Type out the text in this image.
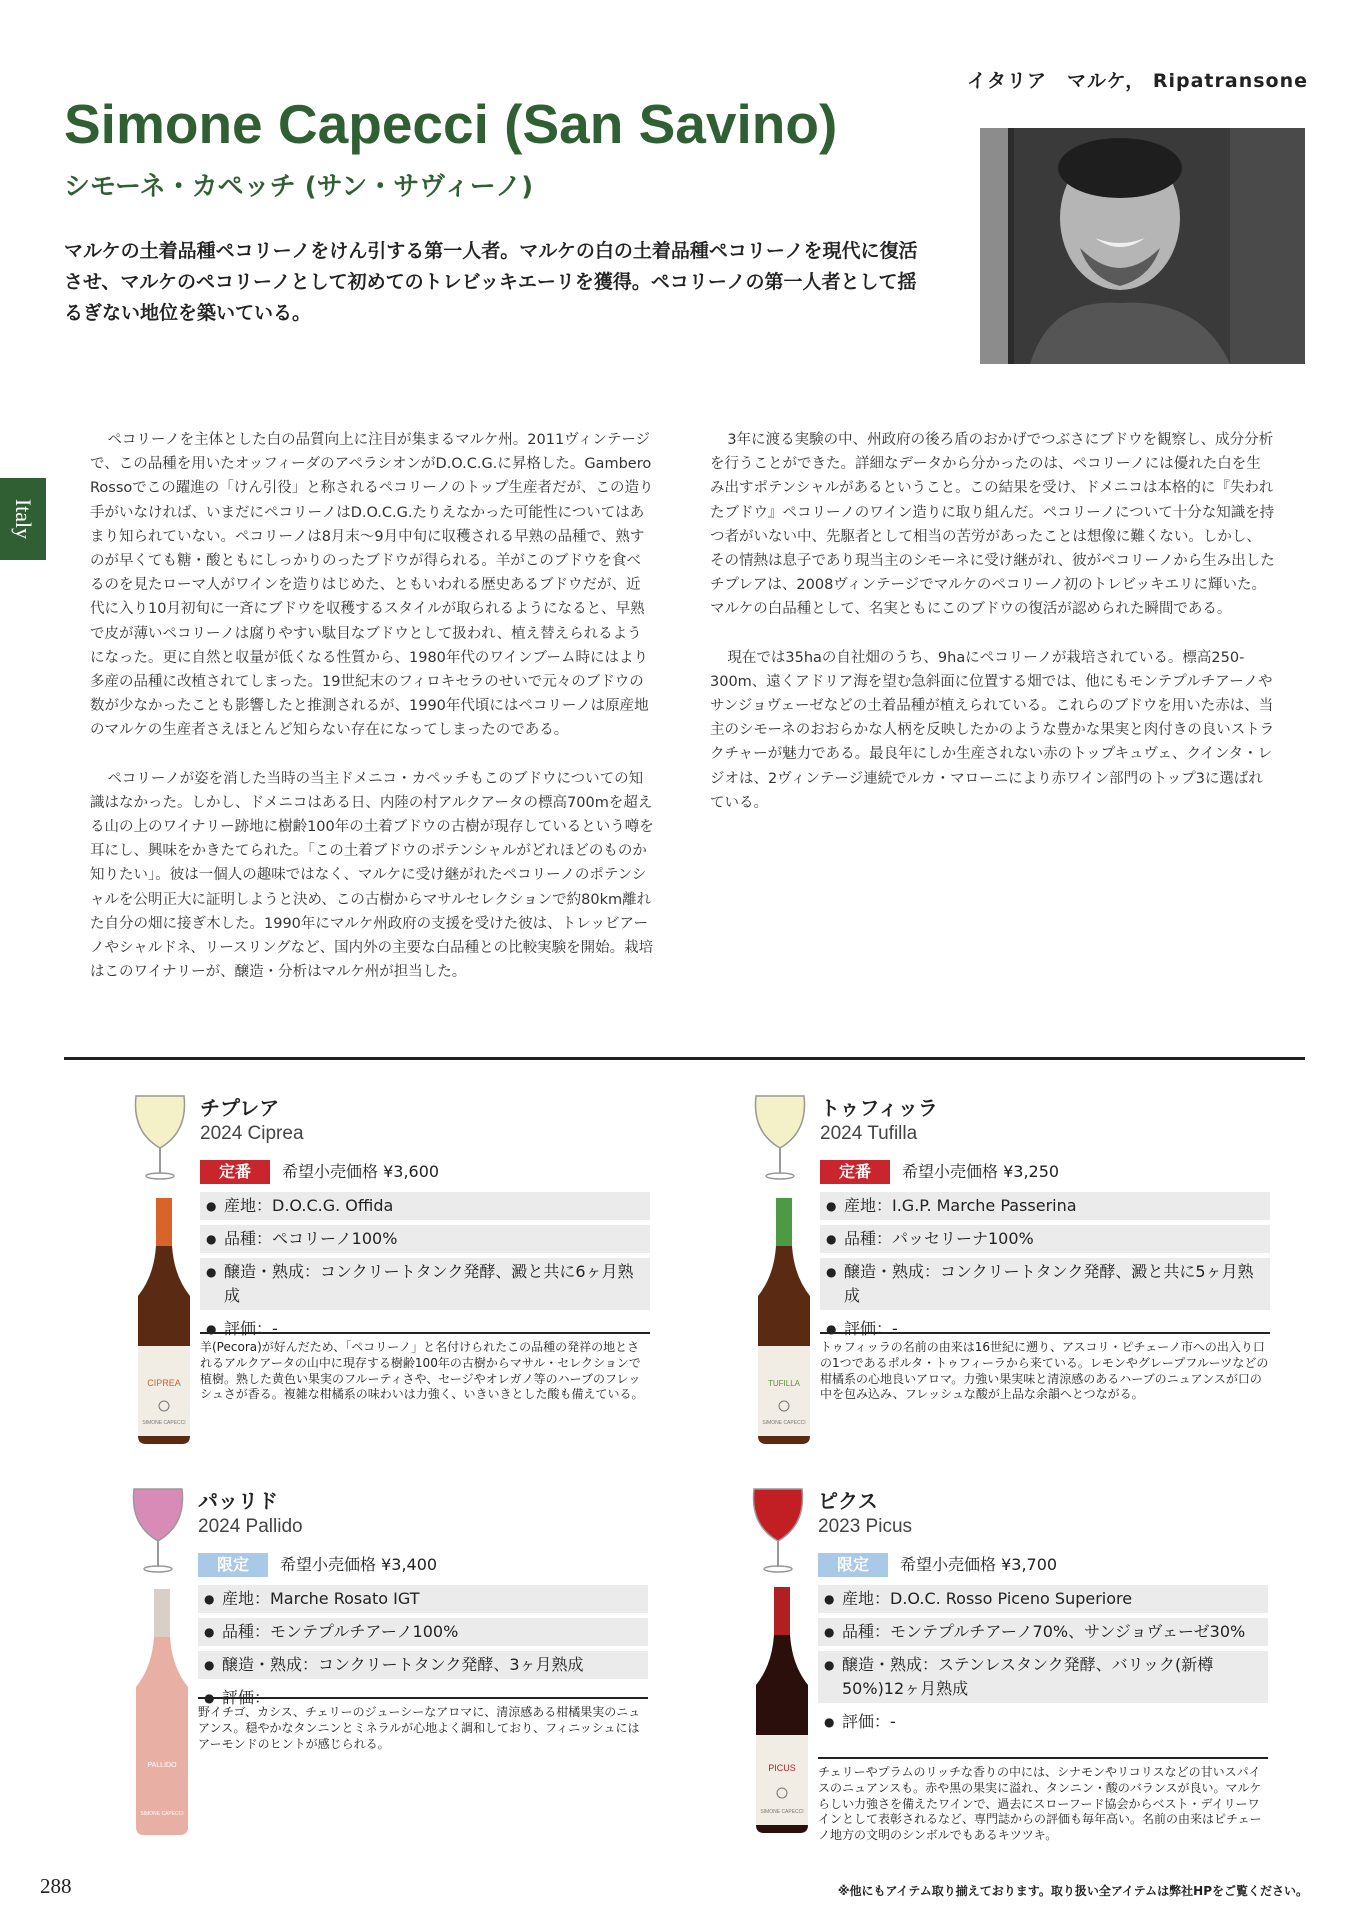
イタリア　マルケ， Ripatransone
Simone Capecci (San Savino)
シモーネ・カペッチ (サン・サヴィーノ)
マルケの土着品種ペコリーノをけん引する第一人者。マルケの白の土着品種ペコリーノを現代に復活させ、マルケのペコリーノとして初めてのトレビッキエーリを獲得。ペコリーノの第一人者として揺るぎない地位を築いている。
Italy

ペコリーノを主体とした白の品質向上に注目が集まるマルケ州。2011ヴィンテージで、この品種を用いたオッフィーダのアペラシオンがD.O.C.G.に昇格した。Gambero Rossoでこの躍進の「けん引役」と称されるペコリーノのトップ生産者だが、この造り手がいなければ、いまだにペコリーノはD.O.C.G.たりえなかった可能性についてはあまり知られていない。ペコリーノは8月末〜9月中旬に収穫される早熟の品種で、熟すのが早くても糖・酸ともにしっかりのったブドウが得られる。羊がこのブドウを食べるのを見たローマ人がワインを造りはじめた、ともいわれる歴史あるブドウだが、近代に入り10月初旬に一斉にブドウを収穫するスタイルが取られるようになると、早熟で皮が薄いペコリーノは腐りやすい駄目なブドウとして扱われ、植え替えられるようになった。更に自然と収量が低くなる性質から、1980年代のワインブーム時にはより多産の品種に改植されてしまった。19世紀末のフィロキセラのせいで元々のブドウの数が少なかったことも影響したと推測されるが、1990年代頃にはペコリーノは原産地のマルケの生産者さえほとんど知らない存在になってしまったのである。

ペコリーノが姿を消した当時の当主ドメニコ・カペッチもこのブドウについての知識はなかった。しかし、ドメニコはある日、内陸の村アルクアータの標高700mを超える山の上のワイナリー跡地に樹齢100年の土着ブドウの古樹が現存しているという噂を耳にし、興味をかきたてられた。「この土着ブドウのポテンシャルがどれほどのものか知りたい」。彼は一個人の趣味ではなく、マルケに受け継がれたペコリーノのポテンシャルを公明正大に証明しようと決め、この古樹からマサルセレクションで約80km離れた自分の畑に接ぎ木した。1990年にマルケ州政府の支援を受けた彼は、トレッビアーノやシャルドネ、リースリングなど、国内外の主要な白品種との比較実験を開始。栽培はこのワイナリーが、醸造・分析はマルケ州が担当した。

3年に渡る実験の中、州政府の後ろ盾のおかげでつぶさにブドウを観察し、成分分析を行うことができた。詳細なデータから分かったのは、ペコリーノには優れた白を生み出すポテンシャルがあるということ。この結果を受け、ドメニコは本格的に『失われたブドウ』ペコリーノのワイン造りに取り組んだ。ペコリーノについて十分な知識を持つ者がいない中、先駆者として相当の苦労があったことは想像に難くない。しかし、その情熱は息子であり現当主のシモーネに受け継がれ、彼がペコリーノから生み出したチプレアは、2008ヴィンテージでマルケのペコリーノ初のトレビッキエリに輝いた。マルケの白品種として、名実ともにこのブドウの復活が認められた瞬間である。

現在では35haの自社畑のうち、9haにペコリーノが栽培されている。標高250-300m、遠くアドリア海を望む急斜面に位置する畑では、他にもモンテプルチアーノやサンジョヴェーゼなどの土着品種が植えられている。これらのブドウを用いた赤は、当主のシモーネのおおらかな人柄を反映したかのような豊かな果実と肉付きの良いストラクチャーが魅力である。最良年にしか生産されない赤のトップキュヴェ、クインタ・レジオは、2ヴィンテージ連続でルカ・マローニにより赤ワイン部門のトップ3に選ばれている。

CIPREA
SIMONE CAPECCI
チプレア
2024 Ciprea
定番	希望小売価格 ¥3,600
● 産地：D.O.C.G. Offida
● 品種：ペコリーノ100%
● 醸造・熟成：コンクリートタンク発酵、澱と共に6ヶ月熟成
● 評価：-
羊(Pecora)が好んだため、「ペコリーノ」と名付けられたこの品種の発祥の地とされるアルクアータの山中に現存する樹齢100年の古樹からマサル・セレクションで植樹。熟した黄色い果実のフルーティさや、セージやオレガノ等のハーブのフレッシュさが香る。複雑な柑橘系の味わいは力強く、いきいきとした酸も備えている。
TUFILLA
SIMONE CAPECCI
トゥフィッラ
2024 Tufilla
定番	希望小売価格 ¥3,250
● 産地：I.G.P. Marche Passerina
● 品種：パッセリーナ100%
● 醸造・熟成：コンクリートタンク発酵、澱と共に5ヶ月熟成
● 評価：-
トゥフィッラの名前の由来は16世紀に遡り、アスコリ・ピチェーノ市への出入り口の1つであるポルタ・トゥフィーラから来ている。レモンやグレープフルーツなどの柑橘系の心地良いアロマ。力強い果実味と清涼感のあるハーブのニュアンスが口の中を包み込み、フレッシュな酸が上品な余韻へとつながる。
PALLIDO
SIMONE CAPECCI
パッリド
2024 Pallido
限定	希望小売価格 ¥3,400
● 産地：Marche Rosato IGT
● 品種：モンテプルチアーノ100%
● 醸造・熟成：コンクリートタンク発酵、3ヶ月熟成
● 評価：-
野イチゴ、カシス、チェリーのジューシーなアロマに、清涼感ある柑橘果実のニュアンス。穏やかなタンニンとミネラルが心地よく調和しており、フィニッシュにはアーモンドのヒントが感じられる。
PICUS
SIMONE CAPECCI
ピクス
2023 Picus
限定	希望小売価格 ¥3,700
● 産地：D.O.C. Rosso Piceno Superiore
● 品種：モンテプルチアーノ70%、サンジョヴェーゼ30%
● 醸造・熟成：ステンレスタンク発酵、バリック(新樽50%)12ヶ月熟成
● 評価：-
チェリーやプラムのリッチな香りの中には、シナモンやリコリスなどの甘いスパイスのニュアンスも。赤や黒の果実に溢れ、タンニン・酸のバランスが良い。マルケらしい力強さを備えたワインで、過去にスローフード協会からベスト・デイリーワインとして表彰されるなど、専門誌からの評価も毎年高い。名前の由来はピチェーノ地方の文明のシンボルでもあるキツツキ。
288	※他にもアイテム取り揃えております。取り扱い全アイテムは弊社HPをご覧ください。
